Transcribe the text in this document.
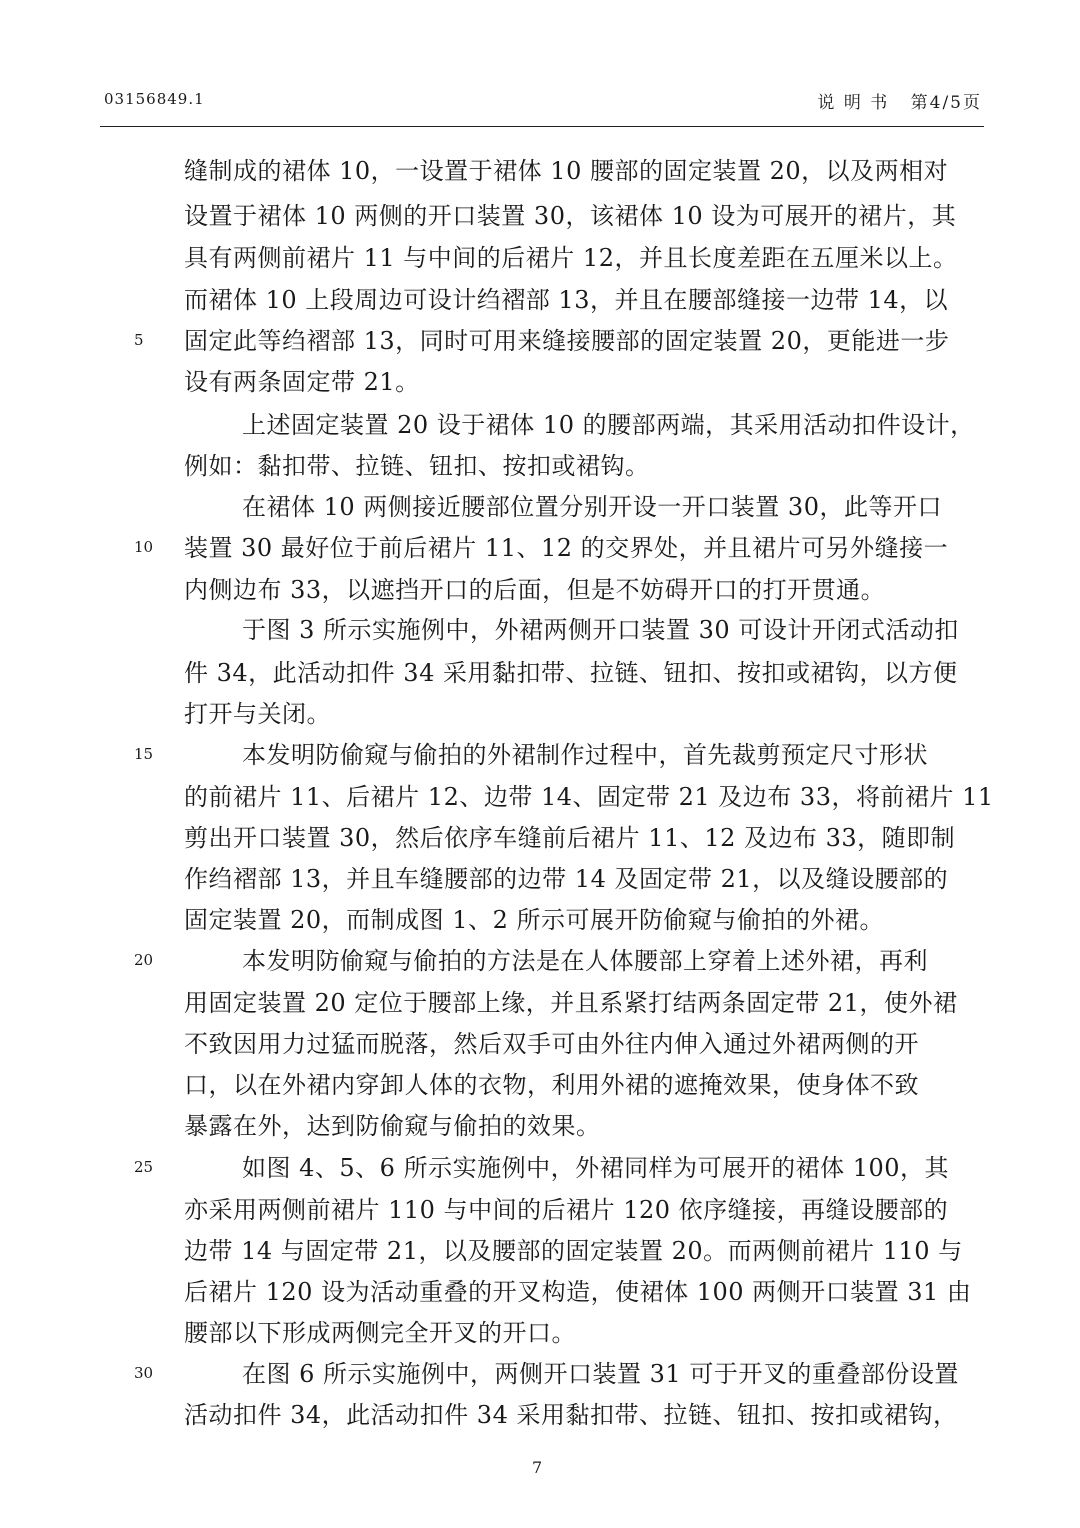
03156849.1	说 明 书 第4/5页
缝制成的裙体 10，一设置于裙体 10 腰部的固定装置 20，以及两相对
设置于裙体 10 两侧的开口装置 30，该裙体 10 设为可展开的裙片，其
具有两侧前裙片 11 与中间的后裙片 12，并且长度差距在五厘米以上。
而裙体 10 上段周边可设计绉褶部 13，并且在腰部缝接一边带 14，以
固定此等绉褶部 13，同时可用来缝接腰部的固定装置 20，更能进一步
设有两条固定带 21。
上述固定装置 20 设于裙体 10 的腰部两端，其采用活动扣件设计，
例如：黏扣带、拉链、钮扣、按扣或裙钩。
在裙体 10 两侧接近腰部位置分别开设一开口装置 30，此等开口
装置 30 最好位于前后裙片 11、12 的交界处，并且裙片可另外缝接一
内侧边布 33，以遮挡开口的后面，但是不妨碍开口的打开贯通。
于图 3 所示实施例中，外裙两侧开口装置 30 可设计开闭式活动扣
件 34，此活动扣件 34 采用黏扣带、拉链、钮扣、按扣或裙钩，以方便
打开与关闭。
本发明防偷窥与偷拍的外裙制作过程中，首先裁剪预定尺寸形状
的前裙片 11、后裙片 12、边带 14、固定带 21 及边布 33，将前裙片 11
剪出开口装置 30，然后依序车缝前后裙片 11、12 及边布 33，随即制
作绉褶部 13，并且车缝腰部的边带 14 及固定带 21，以及缝设腰部的
固定装置 20，而制成图 1、2 所示可展开防偷窥与偷拍的外裙。
本发明防偷窥与偷拍的方法是在人体腰部上穿着上述外裙，再利
用固定装置 20 定位于腰部上缘，并且系紧打结两条固定带 21，使外裙
不致因用力过猛而脱落，然后双手可由外往内伸入通过外裙两侧的开
口，以在外裙内穿卸人体的衣物，利用外裙的遮掩效果，使身体不致
暴露在外，达到防偷窥与偷拍的效果。
如图 4、5、6 所示实施例中，外裙同样为可展开的裙体 100，其
亦采用两侧前裙片 110 与中间的后裙片 120 依序缝接，再缝设腰部的
边带 14 与固定带 21，以及腰部的固定装置 20。而两侧前裙片 110 与
后裙片 120 设为活动重叠的开叉构造，使裙体 100 两侧开口装置 31 由
腰部以下形成两侧完全开叉的开口。
在图 6 所示实施例中，两侧开口装置 31 可于开叉的重叠部份设置
活动扣件 34，此活动扣件 34 采用黏扣带、拉链、钮扣、按扣或裙钩，
5
10
15
20
25
30
7
